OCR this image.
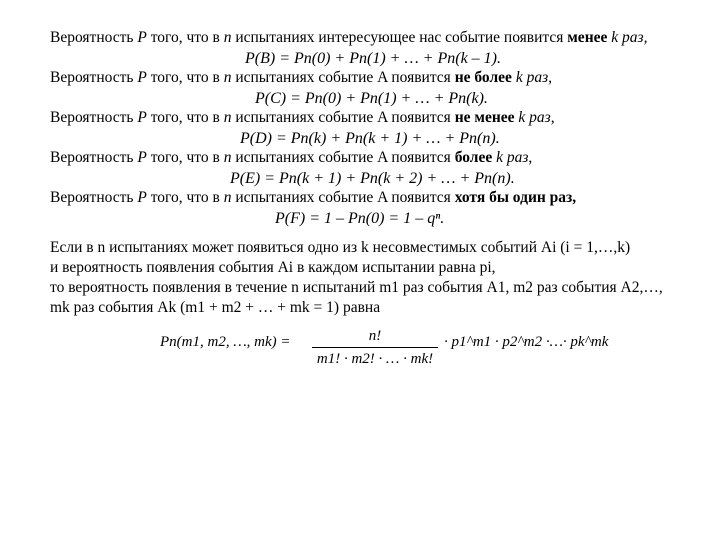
Вероятность P того, что в n испытаниях интересующее нас событие появится менее k раз,
P(B) = Pn(0) + Pn(1) + … + Pn(k – 1).
Вероятность P того, что в n испытаниях событие A появится не более k раз,
P(C) = Pn(0) + Pn(1) + … + Pn(k).
Вероятность P того, что в n испытаниях событие A появится не менее k раз,
P(D) = Pn(k) + Pn(k + 1) + … + Pn(n).
Вероятность P того, что в n испытаниях событие A появится более k раз,
P(E) = Pn(k + 1) + Pn(k + 2) + … + Pn(n).
Вероятность P того, что в n испытаниях событие A появится хотя бы один раз,
P(F) = 1 – Pn(0) = 1 – qⁿ.
Если в n испытаниях может появиться одно из k несовместимых событий Ai (i = 1,…,k)
и вероятность появления события Ai в каждом испытании равна pi,
то вероятность появления в течение n испытаний m1 раз события A1, m2 раз события A2,…,
mk раз события Ak (m1 + m2 + … + mk = 1) равна
Pn(m1, m2, …, mk) =	n!
m1! · m2! · … · mk!
· p1^m1 · p2^m2 ·…· pk^mk
